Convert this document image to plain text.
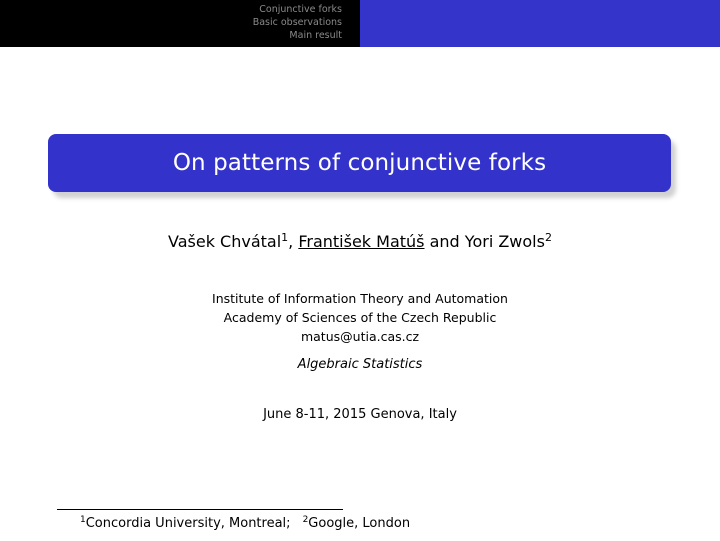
Conjunctive forks
Basic observations
Main result
On patterns of conjunctive forks
Vašek Chvátal$^1$, František Matúš and Yori Zwols$^2$
Institute of Information Theory and Automation
Academy of Sciences of the Czech Republic
matus@utia.cas.cz
Algebraic Statistics
June 8-11, 2015 Genova, Italy
$^1$Concordia University, Montreal; $^2$Google, London
